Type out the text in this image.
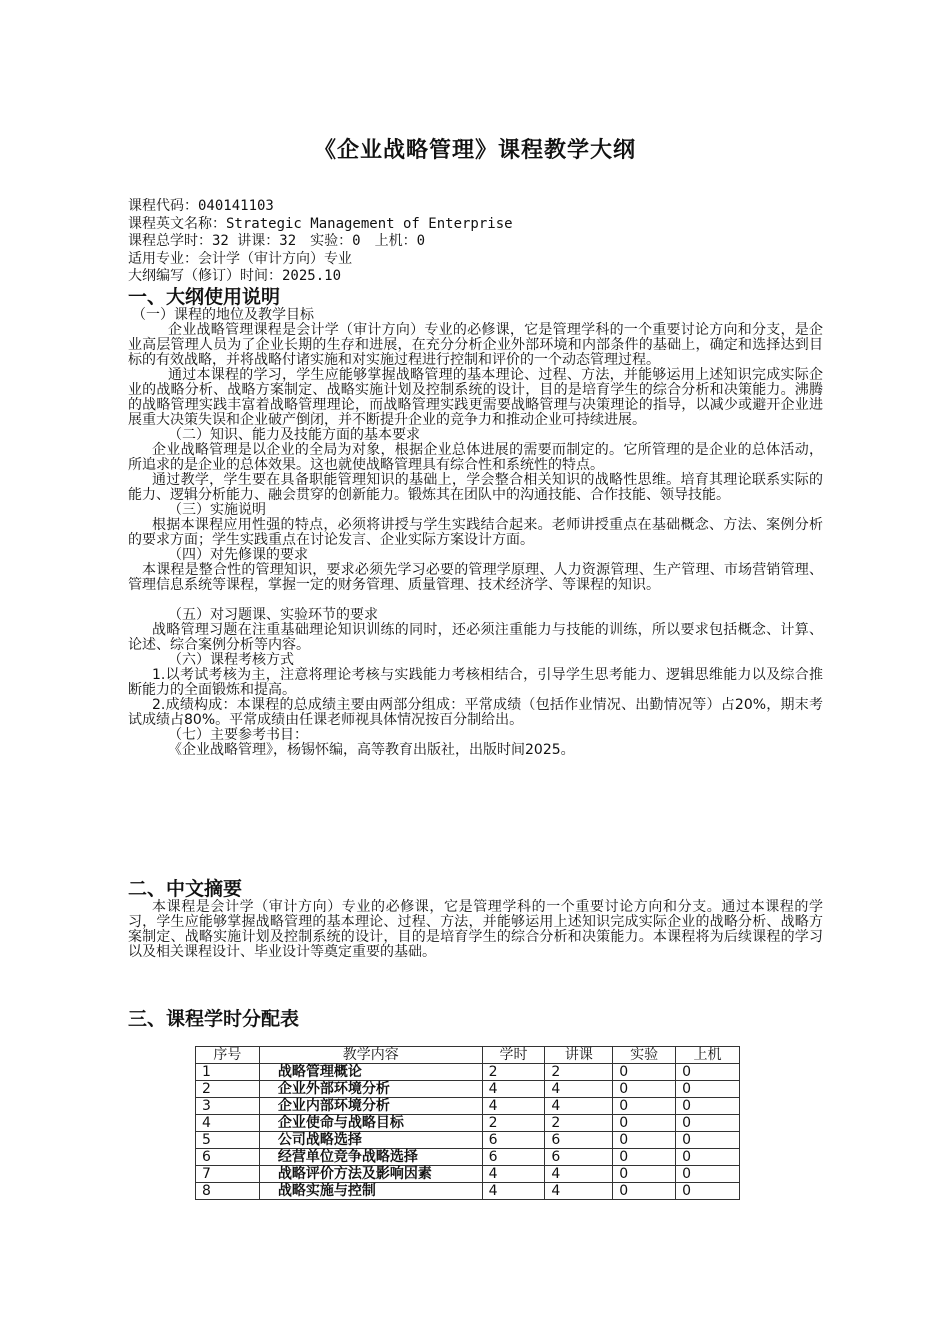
《企业战略管理》课程教学大纲
课程代码：040141103
课程英文名称：Strategic Management of Enterprise
课程总学时：32 讲课：32　实验：0　上机：0
适用专业：会计学（审计方向）专业
大纲编写（修订）时间：2025.10
一、大纲使用说明
（一）课程的地位及教学目标

企业战略管理课程是会计学（审计方向）专业的必修课，它是管理学科的一个重要讨论方向和分支，是企业高层管理人员为了企业长期的生存和进展，在充分分析企业外部环境和内部条件的基础上，确定和选择达到目标的有效战略，并将战略付诸实施和对实施过程进行控制和评价的一个动态管理过程。

通过本课程的学习，学生应能够掌握战略管理的基本理论、过程、方法，并能够运用上述知识完成实际企业的战略分析、战略方案制定、战略实施计划及控制系统的设计，目的是培育学生的综合分析和决策能力。沸腾的战略管理实践丰富着战略管理理论，而战略管理实践更需要战略管理与决策理论的指导，以减少或避开企业进展重大决策失误和企业破产倒闭，并不断提升企业的竞争力和推动企业可持续进展。

（二）知识、能力及技能方面的基本要求

企业战略管理是以企业的全局为对象，根据企业总体进展的需要而制定的。它所管理的是企业的总体活动，所追求的是企业的总体效果。这也就使战略管理具有综合性和系统性的特点。

通过教学，学生要在具备职能管理知识的基础上，学会整合相关知识的战略性思维。培育其理论联系实际的能力、逻辑分析能力、融会贯穿的创新能力。锻炼其在团队中的沟通技能、合作技能、领导技能。

（三）实施说明

根据本课程应用性强的特点，必须将讲授与学生实践结合起来。老师讲授重点在基础概念、方法、案例分析的要求方面；学生实践重点在讨论发言、企业实际方案设计方面。

（四）对先修课的要求

本课程是整合性的管理知识，要求必须先学习必要的管理学原理、人力资源管理、生产管理、市场营销管理、管理信息系统等课程，掌握一定的财务管理、质量管理、技术经济学、等课程的知识。

（五）对习题课、实验环节的要求

战略管理习题在注重基础理论知识训练的同时，还必须注重能力与技能的训练，所以要求包括概念、计算、论述、综合案例分析等内容。

（六）课程考核方式

1.以考试考核为主，注意将理论考核与实践能力考核相结合，引导学生思考能力、逻辑思维能力以及综合推断能力的全面锻炼和提高。

2.成绩构成：本课程的总成绩主要由两部分组成：平常成绩（包括作业情况、出勤情况等）占20%，期末考试成绩占80%。平常成绩由任课老师视具体情况按百分制给出。

（七）主要参考书目：

《企业战略管理》，杨锡怀编，高等教育出版社，出版时间2025。

二、中文摘要

本课程是会计学（审计方向）专业的必修课，它是管理学科的一个重要讨论方向和分支。通过本课程的学习，学生应能够掌握战略管理的基本理论、过程、方法，并能够运用上述知识完成实际企业的战略分析、战略方案制定、战略实施计划及控制系统的设计，目的是培育学生的综合分析和决策能力。本课程将为后续课程的学习以及相关课程设计、毕业设计等奠定重要的基础。

三、课程学时分配表
序号	教学内容	学时	讲课	实验	上机
1	战略管理概论	2	2	0	0
2	企业外部环境分析	4	4	0	0
3	企业内部环境分析	4	4	0	0
4	企业使命与战略目标	2	2	0	0
5	公司战略选择	6	6	0	0
6	经营单位竞争战略选择	6	6	0	0
7	战略评价方法及影响因素	4	4	0	0
8	战略实施与控制	4	4	0	0
